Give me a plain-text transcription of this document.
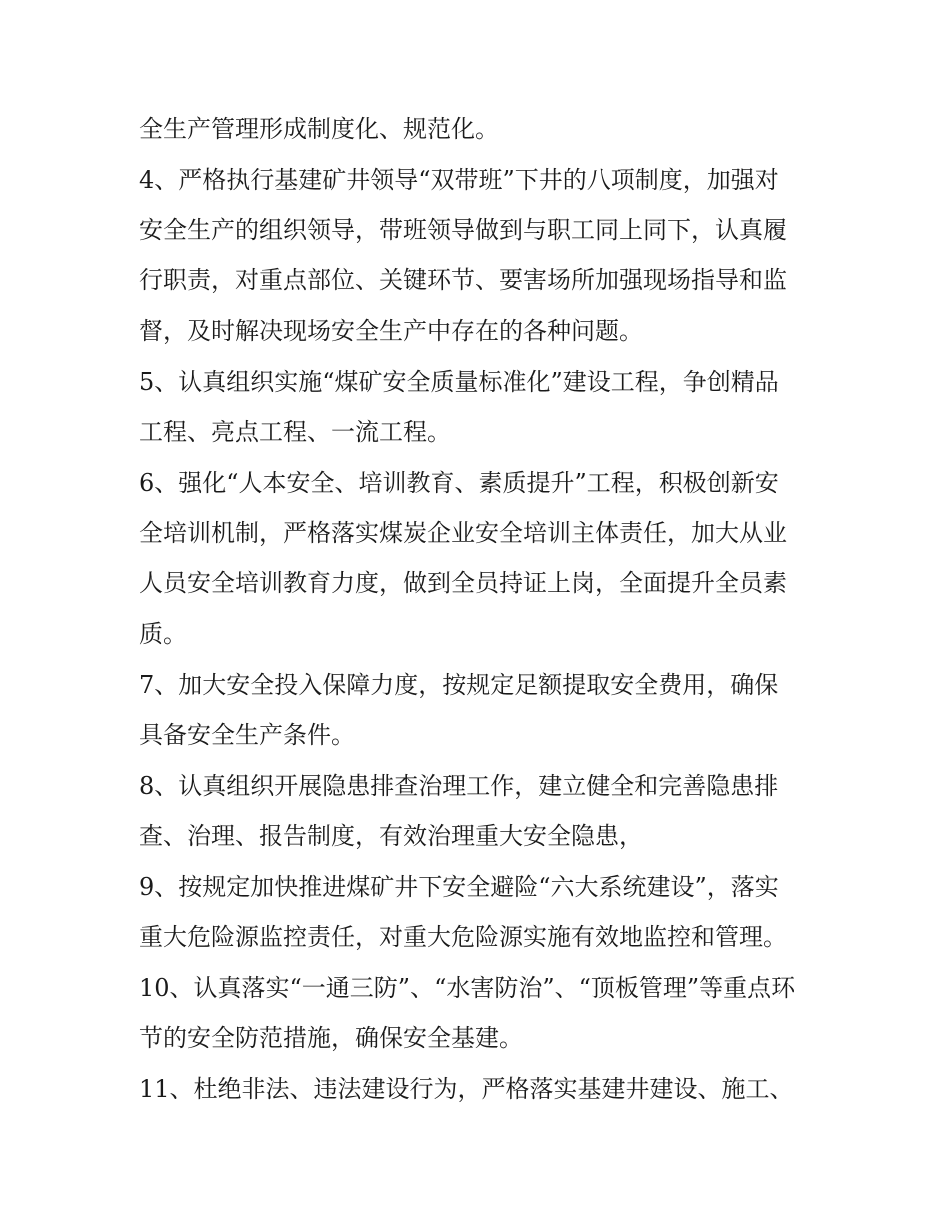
全生产管理形成制度化、规范化。
4、严格执行基建矿井领导“双带班”下井的八项制度，加强对
安全生产的组织领导，带班领导做到与职工同上同下，认真履
行职责，对重点部位、关键环节、要害场所加强现场指导和监
督，及时解决现场安全生产中存在的各种问题。
5、认真组织实施“煤矿安全质量标准化”建设工程，争创精品
工程、亮点工程、一流工程。
6、强化“人本安全、培训教育、素质提升”工程，积极创新安
全培训机制，严格落实煤炭企业安全培训主体责任，加大从业
人员安全培训教育力度，做到全员持证上岗，全面提升全员素
质。
7、加大安全投入保障力度，按规定足额提取安全费用，确保
具备安全生产条件。
8、认真组织开展隐患排查治理工作，建立健全和完善隐患排
查、治理、报告制度，有效治理重大安全隐患，
9、按规定加快推进煤矿井下安全避险“六大系统建设”，落实
重大危险源监控责任，对重大危险源实施有效地监控和管理。
10、认真落实“一通三防”、“水害防治”、“顶板管理”等重点环
节的安全防范措施，确保安全基建。
11、杜绝非法、违法建设行为，严格落实基建井建设、施工、
